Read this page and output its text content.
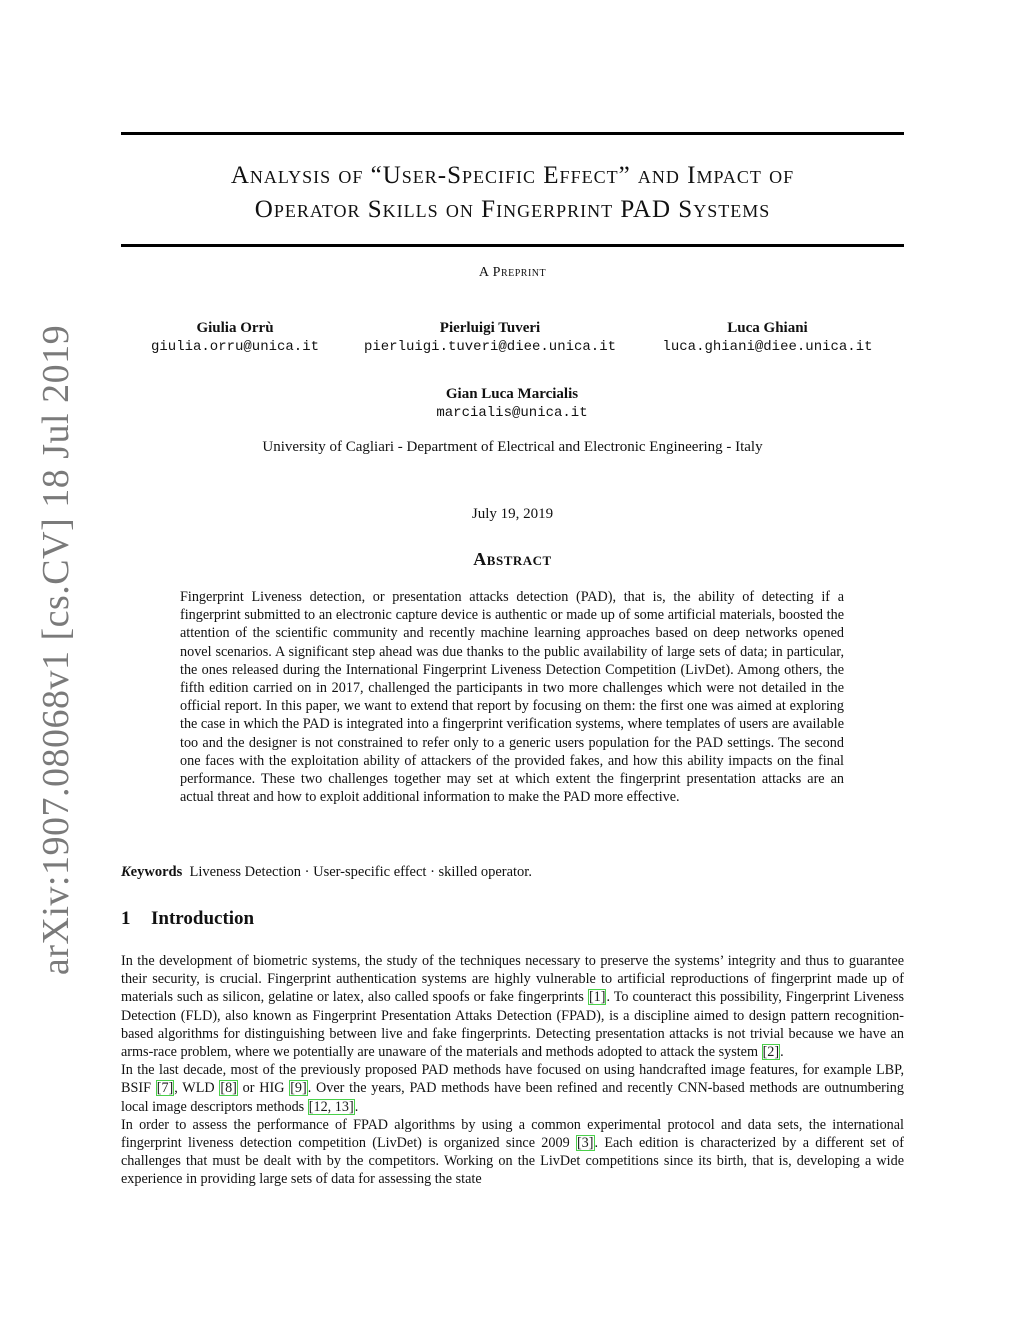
arXiv:1907.08068v1 [cs.CV] 18 Jul 2019
Analysis of “User-Specific Effect” and Impact of
Operator Skills on Fingerprint PAD Systems
A Preprint
Giulia Orrù
giulia.orru@unica.it
Pierluigi Tuveri
pierluigi.tuveri@diee.unica.it
Luca Ghiani
luca.ghiani@diee.unica.it
Gian Luca Marcialis
marcialis@unica.it
University of Cagliari - Department of Electrical and Electronic Engineering - Italy
July 19, 2019
Abstract

Fingerprint Liveness detection, or presentation attacks detection (PAD), that is, the ability of detecting if a fingerprint submitted to an electronic capture device is authentic or made up of some artificial materials, boosted the attention of the scientific community and recently machine learning approaches based on deep networks opened novel scenarios. A significant step ahead was due thanks to the public availability of large sets of data; in particular, the ones released during the International Fingerprint Liveness Detection Competition (LivDet). Among others, the fifth edition carried on in 2017, challenged the participants in two more challenges which were not detailed in the official report. In this paper, we want to extend that report by focusing on them: the first one was aimed at exploring the case in which the PAD is integrated into a fingerprint verification systems, where templates of users are available too and the designer is not constrained to refer only to a generic users population for the PAD settings. The second one faces with the exploitation ability of attackers of the provided fakes, and how this ability impacts on the final performance. These two challenges together may set at which extent the fingerprint presentation attacks are an actual threat and how to exploit additional information to make the PAD more effective.

Keywords Liveness Detection · User-specific effect · skilled operator.
1 Introduction

In the development of biometric systems, the study of the techniques necessary to preserve the systems’ integrity and thus to guarantee their security, is crucial. Fingerprint authentication systems are highly vulnerable to artificial reproductions of fingerprint made up of materials such as silicon, gelatine or latex, also called spoofs or fake fingerprints [1]. To counteract this possibility, Fingerprint Liveness Detection (FLD), also known as Fingerprint Presentation Attaks Detection (FPAD), is a discipline aimed to design pattern recognition-based algorithms for distinguishing between live and fake fingerprints. Detecting presentation attacks is not trivial because we have an arms-race problem, where we potentially are unaware of the materials and methods adopted to attack the system [2].

In the last decade, most of the previously proposed PAD methods have focused on using handcrafted image features, for example LBP, BSIF [7], WLD [8] or HIG [9]. Over the years, PAD methods have been refined and recently CNN-based methods are outnumbering local image descriptors methods [12, 13].

In order to assess the performance of FPAD algorithms by using a common experimental protocol and data sets, the international fingerprint liveness detection competition (LivDet) is organized since 2009 [3]. Each edition is characterized by a different set of challenges that must be dealt with by the competitors. Working on the LivDet competitions since its birth, that is, developing a wide experience in providing large sets of data for assessing the state
